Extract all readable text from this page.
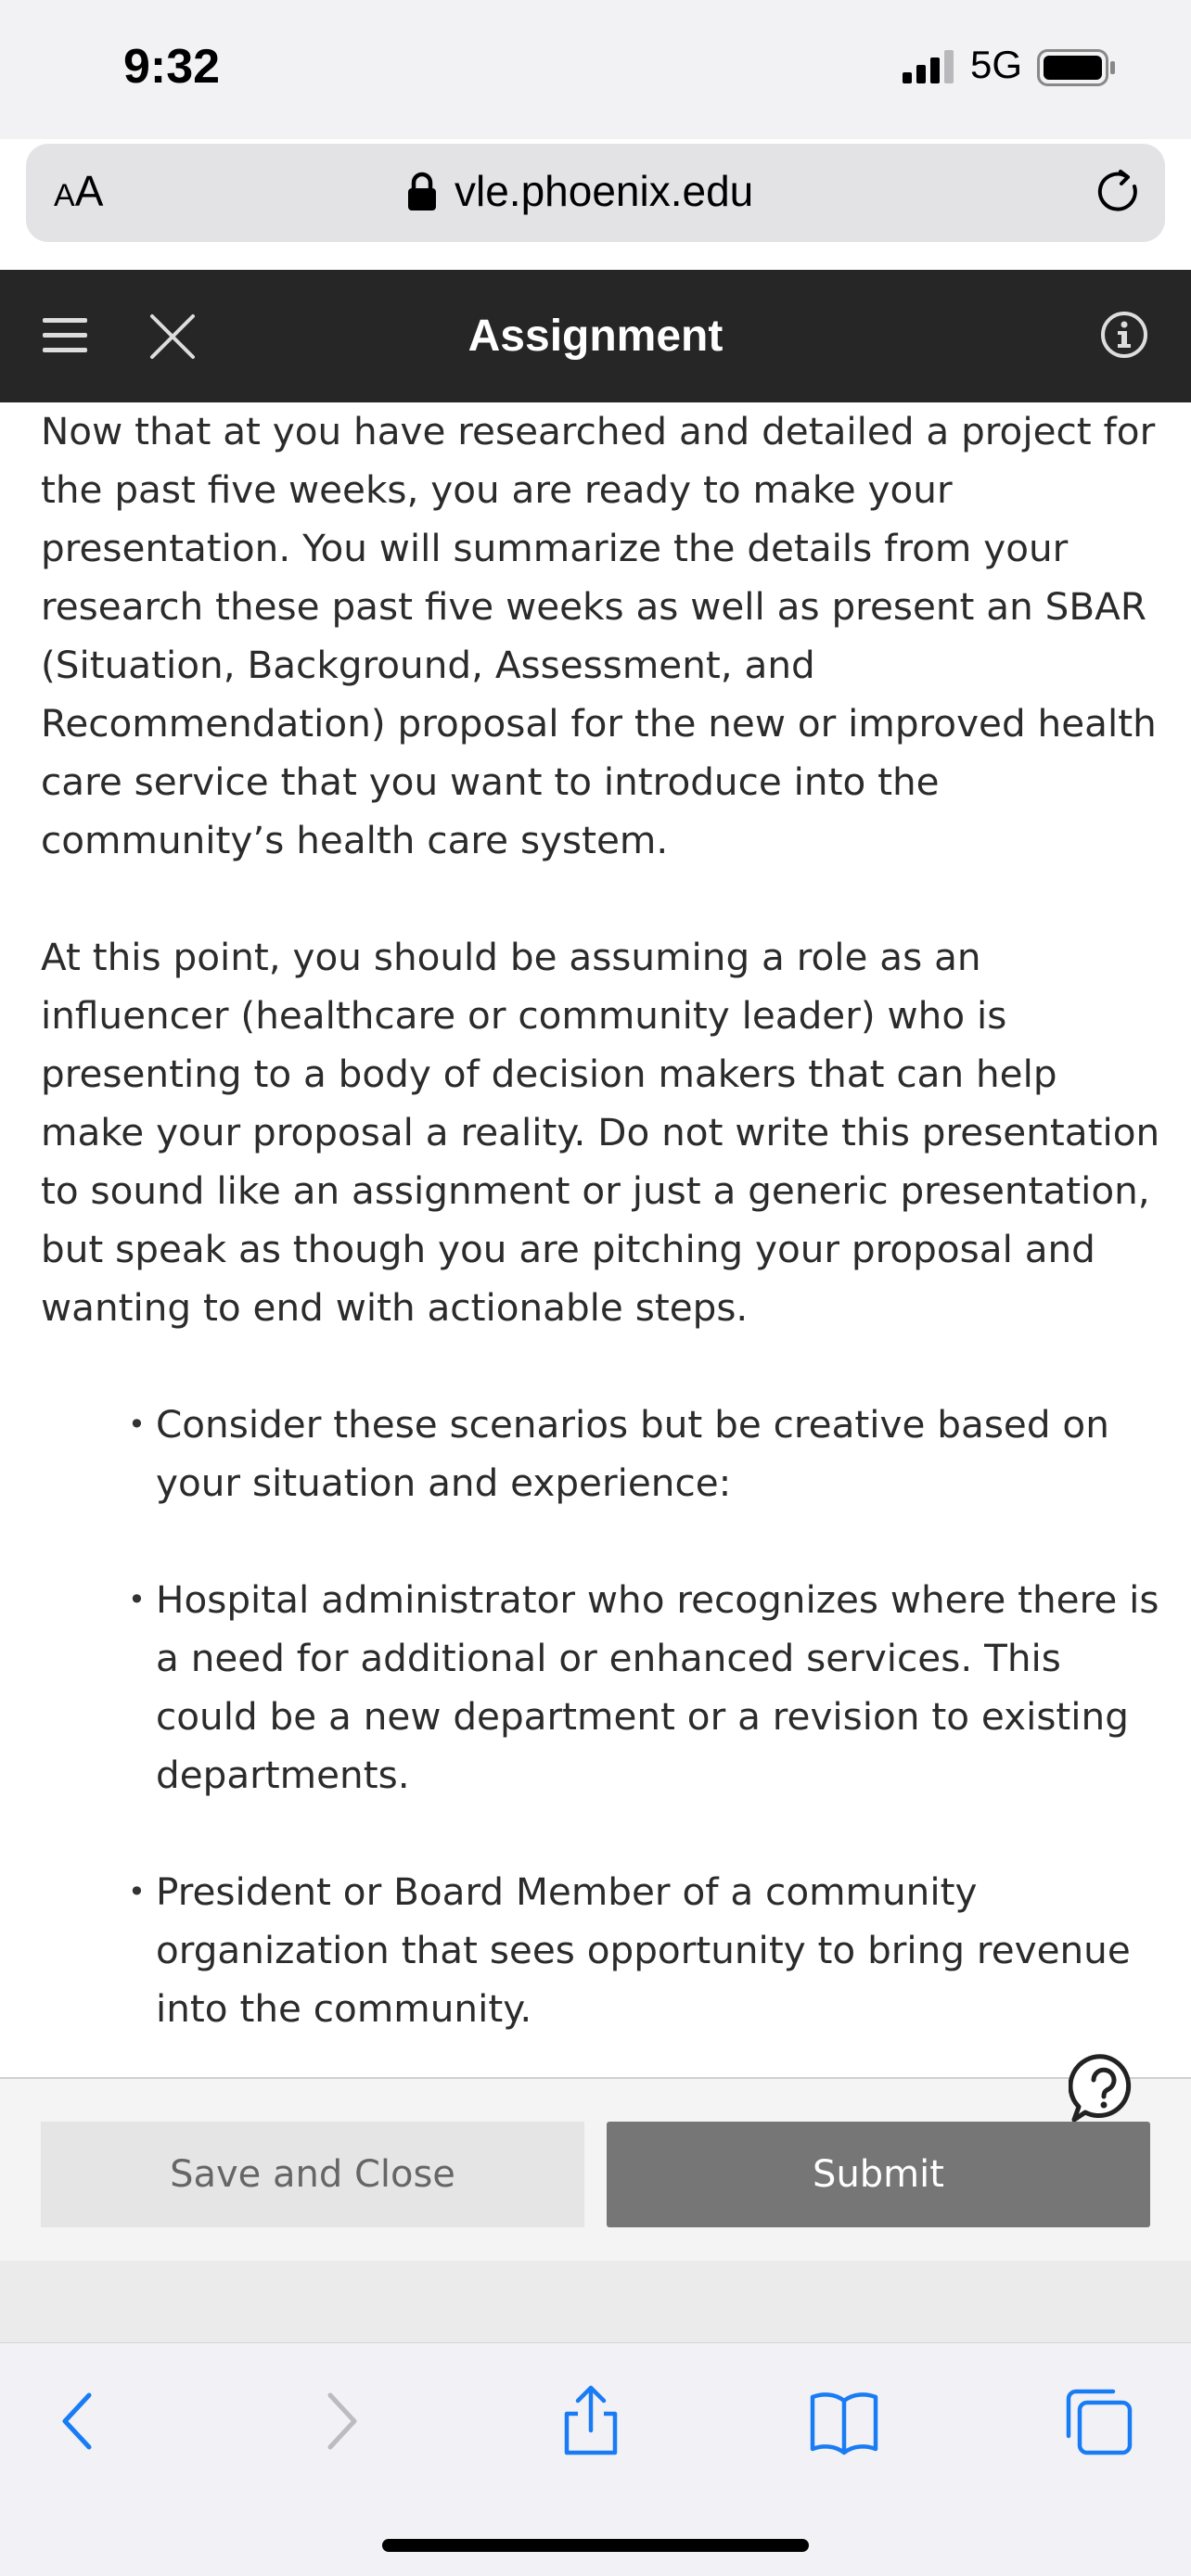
9:32	5G
AA	vle.phoenix.edu
Assignment

Now that at you have researched and detailed a project for the past five weeks, you are ready to make your presentation. You will summarize the details from your research these past five weeks as well as present an SBAR (Situation, Background, Assessment, and Recommendation) proposal for the new or improved health care service that you want to introduce into the community’s health care system.

At this point, you should be assuming a role as an influencer (healthcare or community leader) who is presenting to a body of decision makers that can help make your proposal a reality. Do not write this presentation to sound like an assignment or just a generic presentation, but speak as though you are pitching your proposal and wanting to end with actionable steps.

• Consider these scenarios but be creative based on your situation and experience:
• Hospital administrator who recognizes where there is a need for additional or enhanced services. This could be a new department or a revision to existing departments.
• President or Board Member of a community organization that sees opportunity to bring revenue into the community.
Save and Close	Submit
